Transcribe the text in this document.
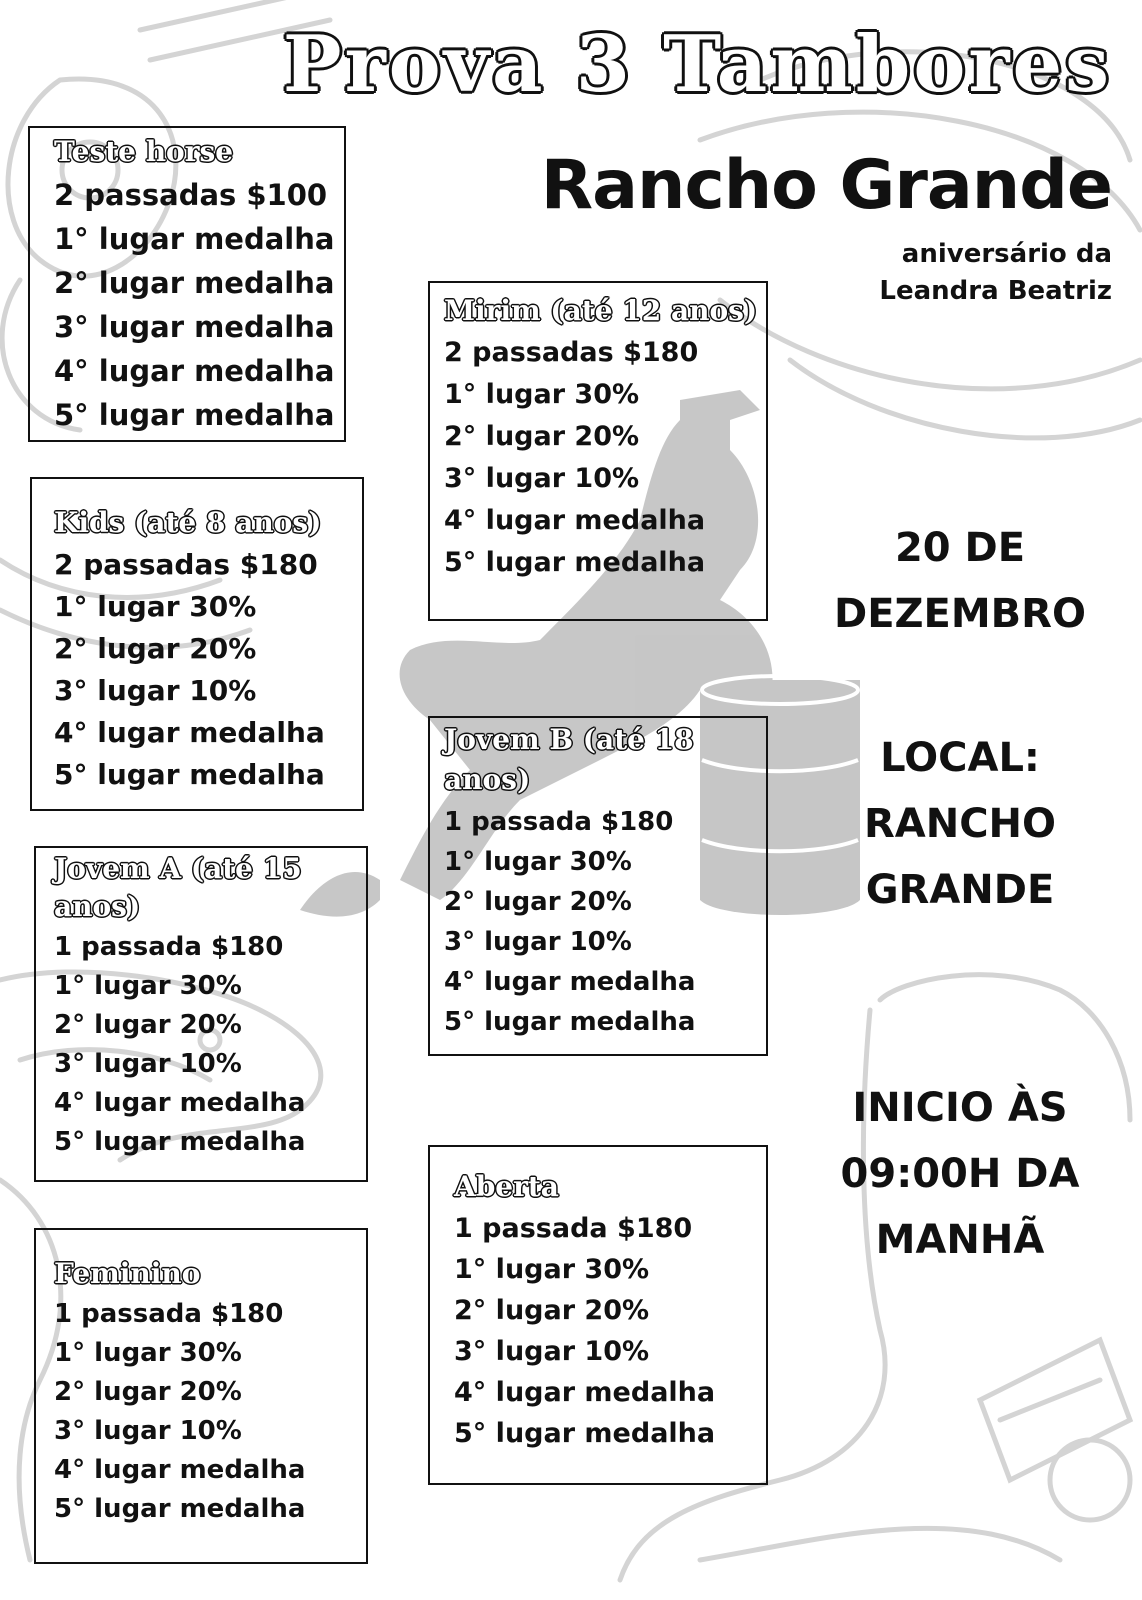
Prova 3 Tambores
Rancho Grande
aniversário da
Leandra Beatriz
Teste horse
2 passadas $100
1° lugar medalha
2° lugar medalha
3° lugar medalha
4° lugar medalha
5° lugar medalha
Kids (até 8 anos)
2 passadas $180
1° lugar 30%
2° lugar 20%
3° lugar 10%
4° lugar medalha
5° lugar medalha
Jovem A (até 15 anos)
1 passada $180
1° lugar 30%
2° lugar 20%
3° lugar 10%
4° lugar medalha
5° lugar medalha
Feminino
1 passada $180
1° lugar 30%
2° lugar 20%
3° lugar 10%
4° lugar medalha
5° lugar medalha
Mirim (até 12 anos)
2 passadas $180
1° lugar 30%
2° lugar 20%
3° lugar 10%
4° lugar medalha
5° lugar medalha
Jovem B (até 18 anos)
1 passada $180
1° lugar 30%
2° lugar 20%
3° lugar 10%
4° lugar medalha
5° lugar medalha
Aberta
1 passada $180
1° lugar 30%
2° lugar 20%
3° lugar 10%
4° lugar medalha
5° lugar medalha
20 DE
DEZEMBRO
LOCAL:
RANCHO
GRANDE
INICIO ÀS
09:00H DA
MANHÃ
